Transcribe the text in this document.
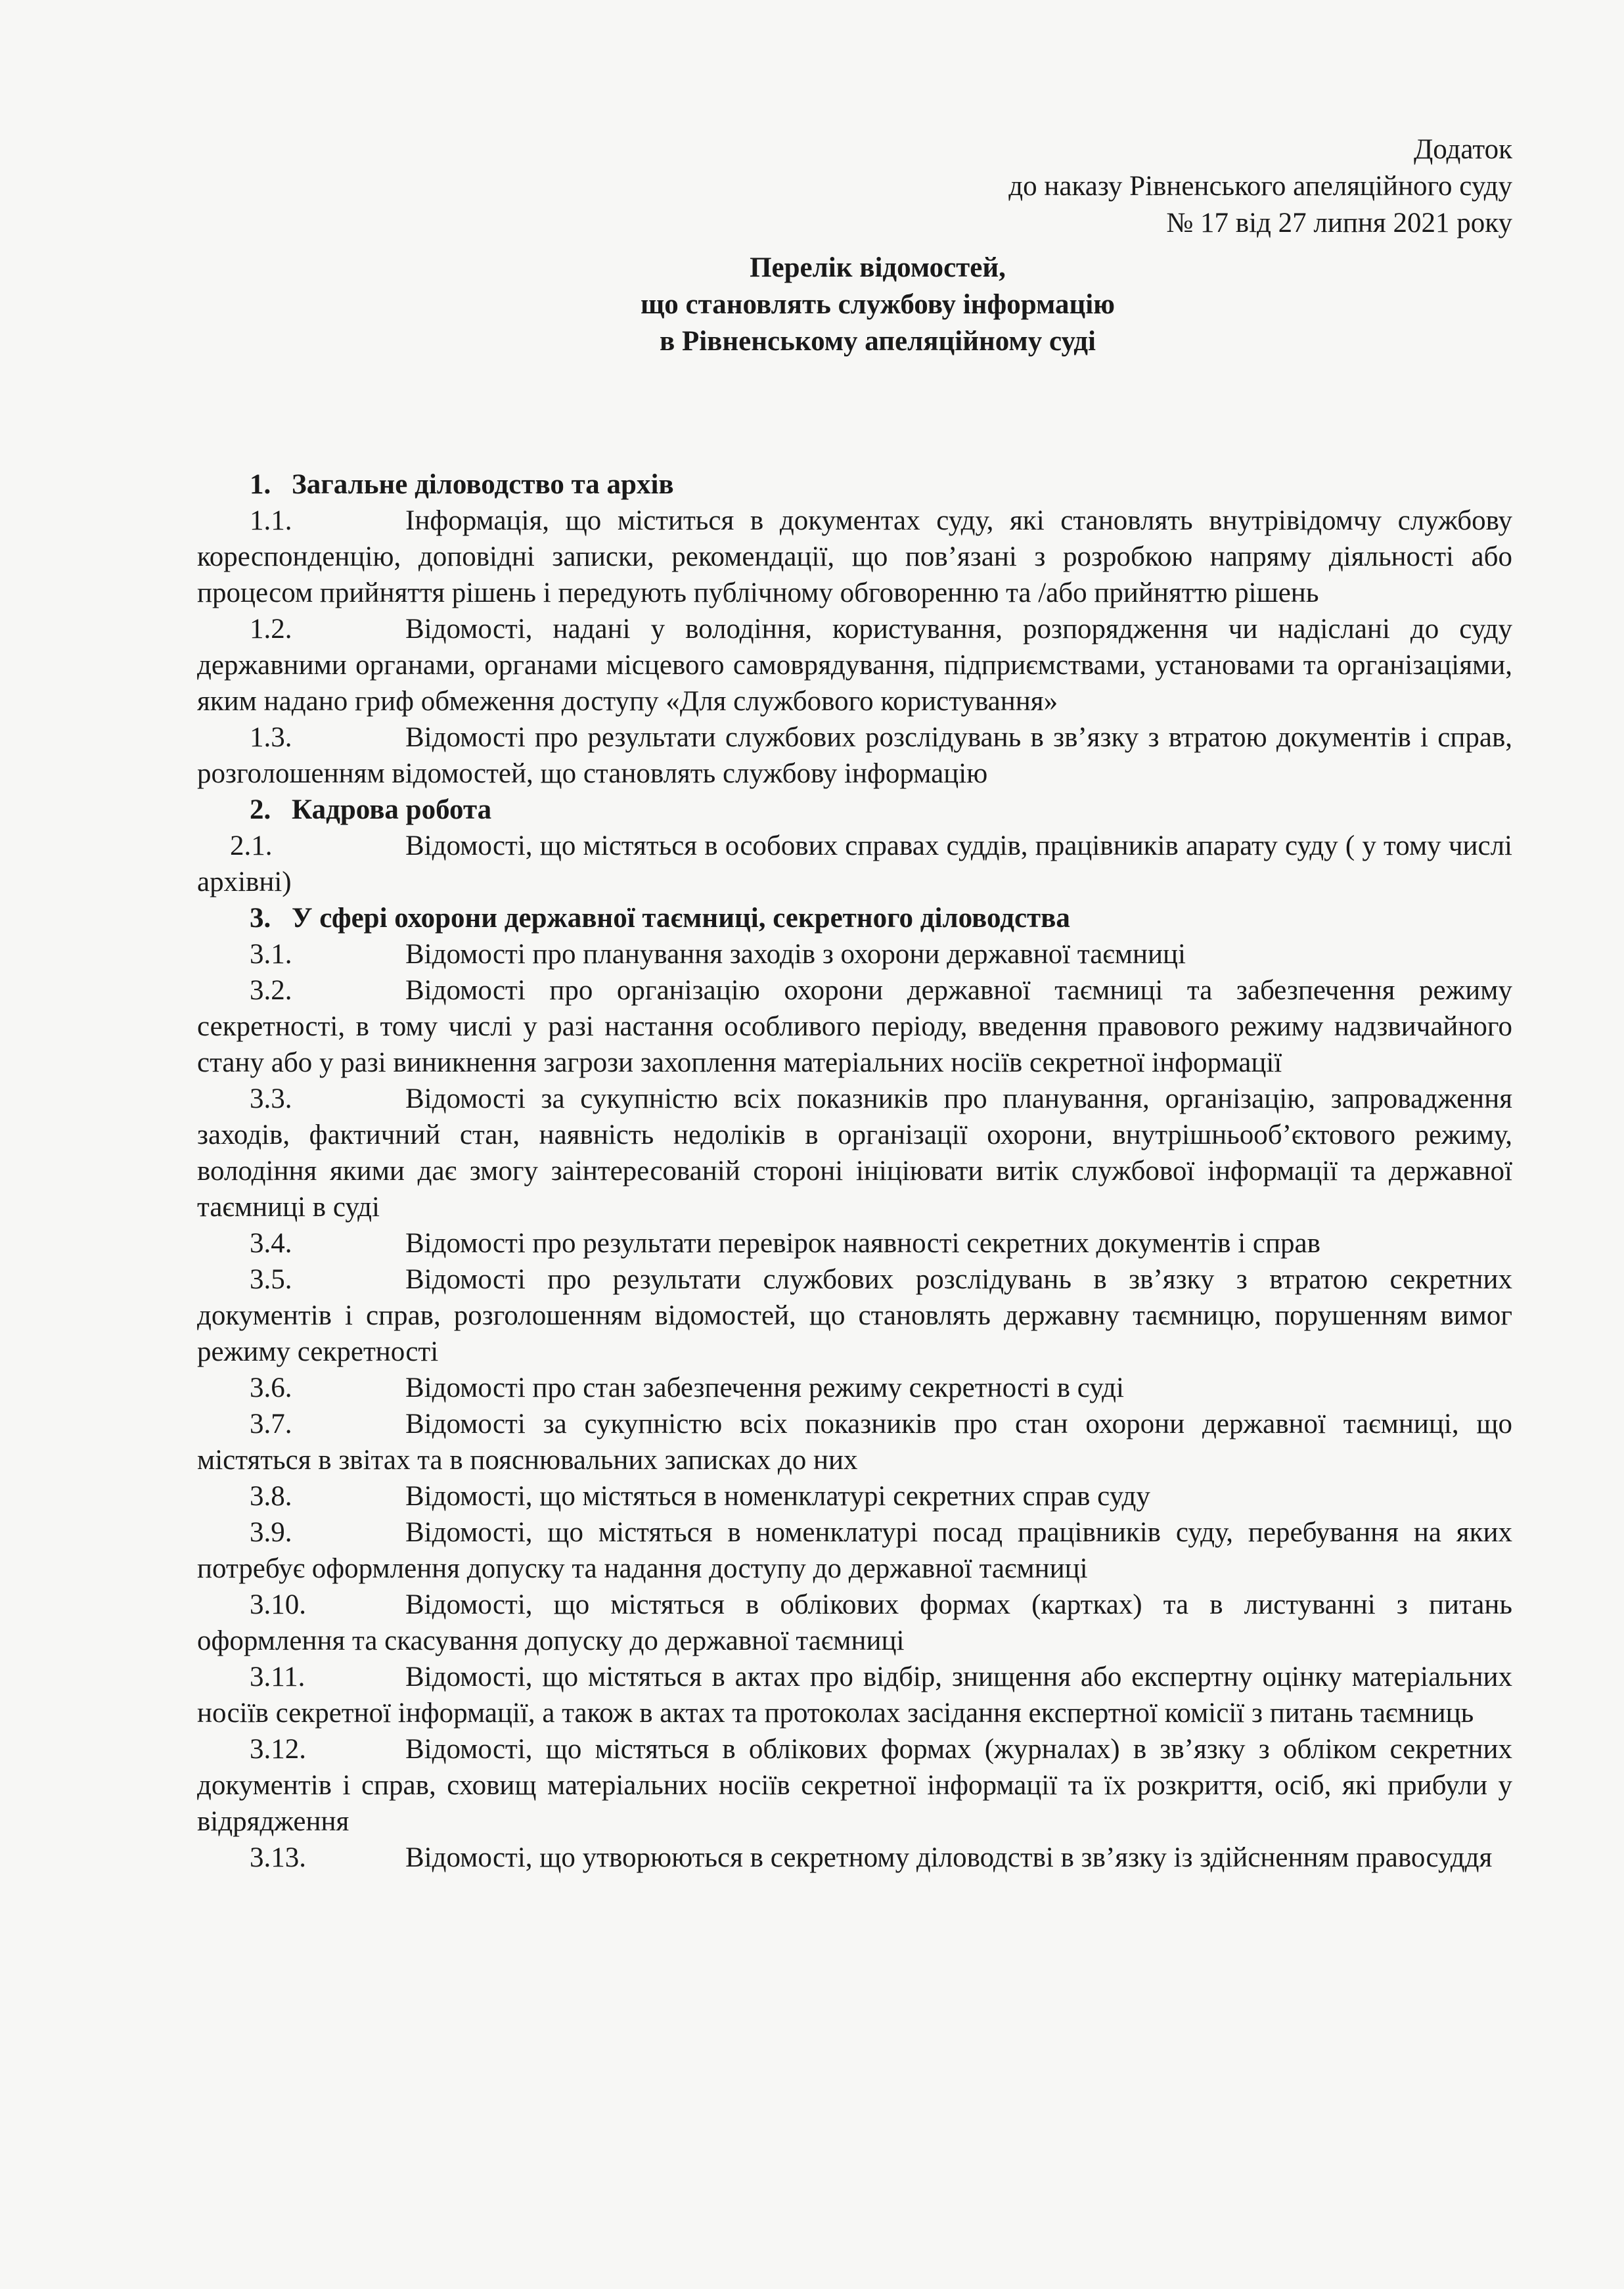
Додаток
до наказу Рівненського апеляційного суду
№ 17 від 27 липня 2021 року
Перелік відомостей,
що становлять службову інформацію
в Рівненському апеляційному суді
1. Загальне діловодство та архів

1.1.	Інформація, що міститься в документах суду, які становлять внутрівідомчу службову кореспонденцію, доповідні записки, рекомендації, що пов’язані з розробкою напряму діяльності або процесом прийняття рішень і передують публічному обговоренню та /або прийняттю рішень

1.2.	Відомості, надані у володіння, користування, розпорядження чи надіслані до суду державними органами, органами місцевого самоврядування, підприємствами, установами та організаціями, яким надано гриф обмеження доступу «Для службового користування»

1.3.	Відомості про результати службових розслідувань в зв’язку з втратою документів і справ, розголошенням відомостей, що становлять службову інформацію

2. Кадрова робота

2.1.	Відомості, що містяться в особових справах суддів, працівників апарату суду ( у тому числі архівні)

3. У сфері охорони державної таємниці, секретного діловодства

3.1.	Відомості про планування заходів з охорони державної таємниці

3.2.	Відомості про організацію охорони державної таємниці та забезпечення режиму секретності, в тому числі у разі настання особливого періоду, введення правового режиму надзвичайного стану або у разі виникнення загрози захоплення матеріальних носіїв секретної інформації

3.3.	Відомості за сукупністю всіх показників про планування, організацію, запровадження заходів, фактичний стан, наявність недоліків в організації охорони, внутрішньооб’єктового режиму, володіння якими дає змогу заінтересованій стороні ініціювати витік службової інформації та державної таємниці в суді

3.4.	Відомості про результати перевірок наявності секретних документів і справ

3.5.	Відомості про результати службових розслідувань в зв’язку з втратою секретних документів і справ, розголошенням відомостей, що становлять державну таємницю, порушенням вимог режиму секретності

3.6.	Відомості про стан забезпечення режиму секретності в суді

3.7.	Відомості за сукупністю всіх показників про стан охорони державної таємниці, що містяться в звітах та в пояснювальних записках до них

3.8.	Відомості, що містяться в номенклатурі секретних справ суду

3.9.	Відомості, що містяться в номенклатурі посад працівників суду, перебування на яких потребує оформлення допуску та надання доступу до державної таємниці

3.10.	Відомості, що містяться в облікових формах (картках) та в листуванні з питань оформлення та скасування допуску до державної таємниці

3.11.	Відомості, що містяться в актах про відбір, знищення або експертну оцінку матеріальних носіїв секретної інформації, а також в актах та протоколах засідання експертної комісії з питань таємниць

3.12.	Відомості, що містяться в облікових формах (журналах) в зв’язку з обліком секретних документів і справ, сховищ матеріальних носіїв секретної інформації та їх розкриття, осіб, які прибули у відрядження

3.13.	Відомості, що утворюються в секретному діловодстві в зв’язку із здійсненням правосуддя
